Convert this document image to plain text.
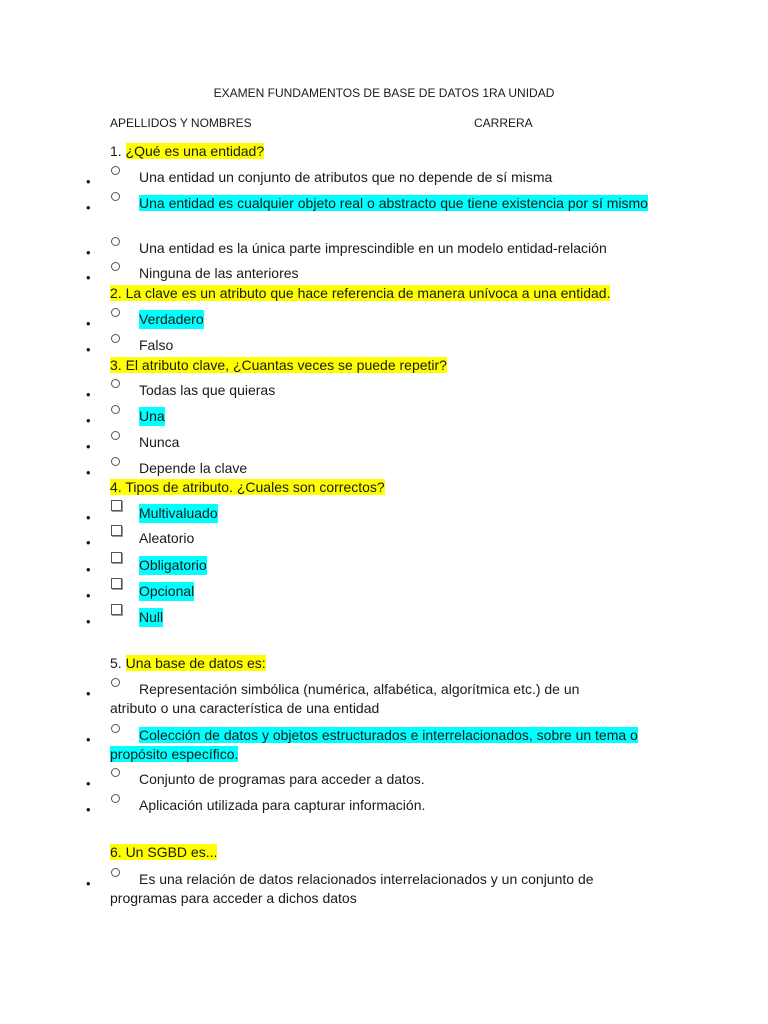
EXAMEN FUNDAMENTOS DE BASE DE DATOS 1RA UNIDAD
APELLIDOS Y NOMBRES	CARRERA
1. ¿Qué es una entidad?
•	Una entidad un conjunto de atributos que no depende de sí misma
•	Una entidad es cualquier objeto real o abstracto que tiene existencia por sí mismo
•	Una entidad es la única parte imprescindible en un modelo entidad-relación
•	Ninguna de las anteriores
2. La clave es un atributo que hace referencia de manera unívoca a una entidad.
•	Verdadero
•	Falso
3. El atributo clave, ¿Cuantas veces se puede repetir?
•	Todas las que quieras
•	Una
•	Nunca
•	Depende la clave
4. Tipos de atributo. ¿Cuales son correctos?
•	Multivaluado
•	Aleatorio
•	Obligatorio
•	Opcional
•	Null
5. Una base de datos es:
•	Representación simbólica (numérica, alfabética, algorítmica etc.) de un atributo o una característica de una entidad
•	Colección de datos y objetos estructurados e interrelacionados, sobre un tema o propósito específico.
•	Conjunto de programas para acceder a datos.
•	Aplicación utilizada para capturar información.
6. Un SGBD es...
•	Es una relación de datos relacionados interrelacionados y un conjunto de programas para acceder a dichos datos
